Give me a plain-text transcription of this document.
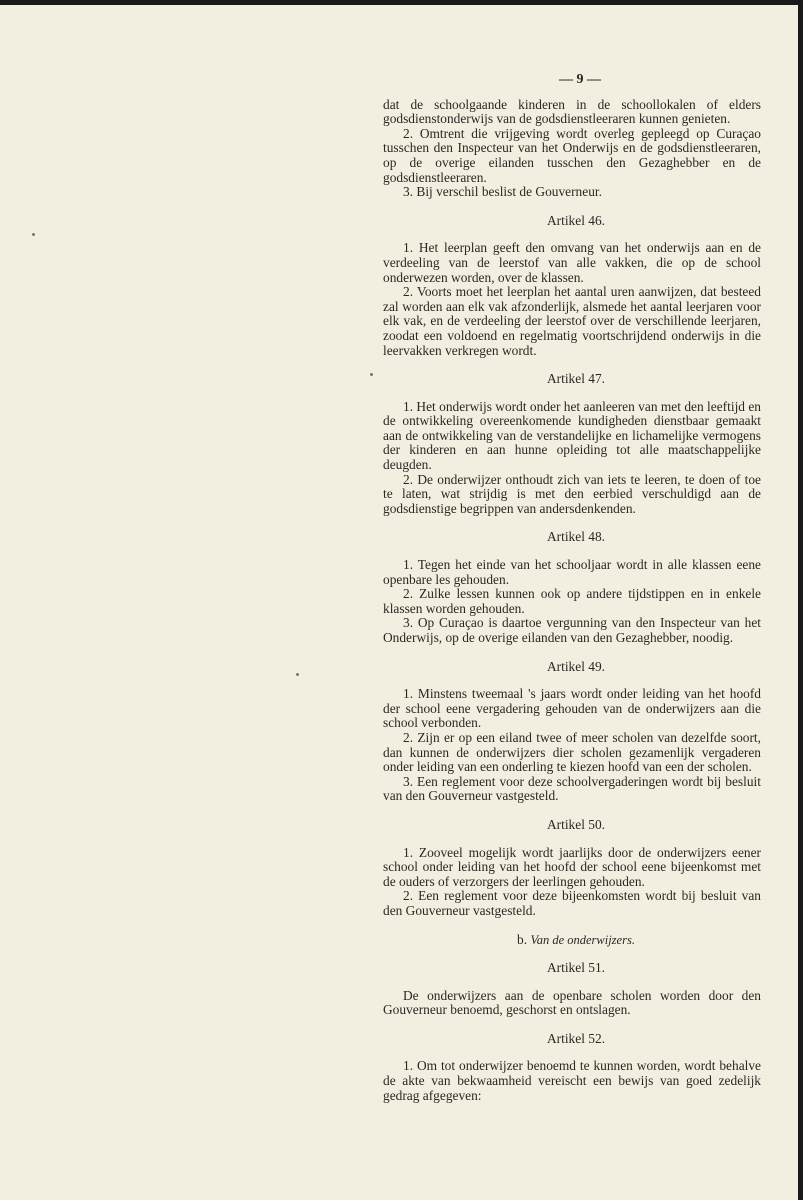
— 9 —

dat de schoolgaande kinderen in de schoollokalen of elders godsdienstonderwijs van de godsdienstleeraren kunnen genieten.

2. Omtrent die vrijgeving wordt overleg gepleegd op Curaçao tusschen den Inspecteur van het Onderwijs en de godsdienstleeraren, op de overige eilanden tusschen den Gezaghebber en de godsdienstleeraren.

3. Bij verschil beslist de Gouverneur.

Artikel 46.

1. Het leerplan geeft den omvang van het onderwijs aan en de verdeeling van de leerstof van alle vakken, die op de school onderwezen worden, over de klassen.

2. Voorts moet het leerplan het aantal uren aanwijzen, dat besteed zal worden aan elk vak afzonderlijk, alsmede het aantal leerjaren voor elk vak, en de verdeeling der leerstof over de verschillende leerjaren, zoodat een voldoend en regelmatig voortschrijdend onderwijs in die leervakken verkregen wordt.

Artikel 47.

1. Het onderwijs wordt onder het aanleeren van met den leeftijd en de ontwikkeling overeenkomende kundigheden dienstbaar gemaakt aan de ontwikkeling van de verstandelijke en lichamelijke vermogens der kinderen en aan hunne opleiding tot alle maatschappelijke deugden.

2. De onderwijzer onthoudt zich van iets te leeren, te doen of toe te laten, wat strijdig is met den eerbied verschuldigd aan de godsdienstige begrippen van andersdenkenden.

Artikel 48.

1. Tegen het einde van het schooljaar wordt in alle klassen eene openbare les gehouden.

2. Zulke lessen kunnen ook op andere tijdstippen en in enkele klassen worden gehouden.

3. Op Curaçao is daartoe vergunning van den Inspecteur van het Onderwijs, op de overige eilanden van den Gezaghebber, noodig.

Artikel 49.

1. Minstens tweemaal 's jaars wordt onder leiding van het hoofd der school eene vergadering gehouden van de onderwijzers aan die school verbonden.

2. Zijn er op een eiland twee of meer scholen van dezelfde soort, dan kunnen de onderwijzers dier scholen gezamenlijk vergaderen onder leiding van een onderling te kiezen hoofd van een der scholen.

3. Een reglement voor deze schoolvergaderingen wordt bij besluit van den Gouverneur vastgesteld.

Artikel 50.

1. Zooveel mogelijk wordt jaarlijks door de onderwijzers eener school onder leiding van het hoofd der school eene bijeenkomst met de ouders of verzorgers der leerlingen gehouden.

2. Een reglement voor deze bijeenkomsten wordt bij besluit van den Gouverneur vastgesteld.

b. Van de onderwijzers.
Artikel 51.

De onderwijzers aan de openbare scholen worden door den Gouverneur benoemd, geschorst en ontslagen.

Artikel 52.

1. Om tot onderwijzer benoemd te kunnen worden, wordt behalve de akte van bekwaamheid vereischt een bewijs van goed zedelijk gedrag afgegeven:
